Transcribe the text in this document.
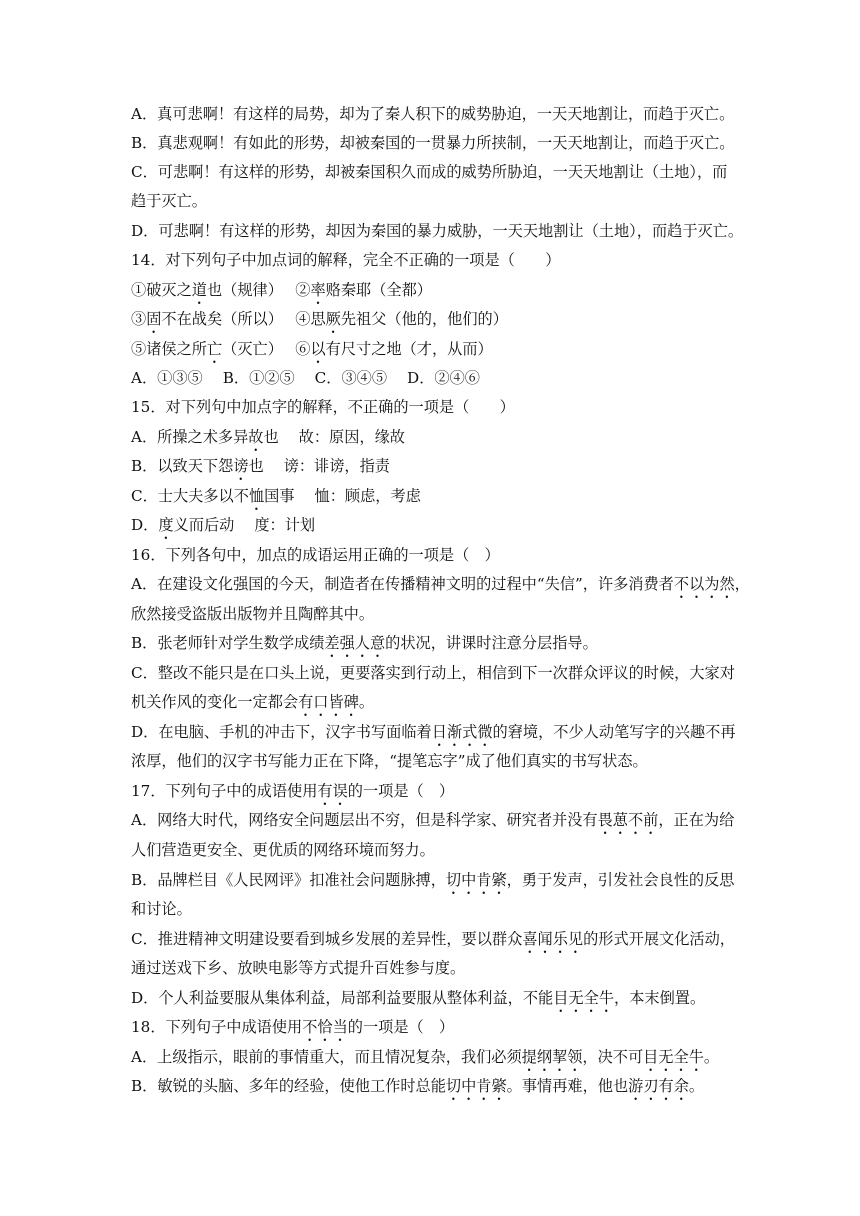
A．真可悲啊！有这样的局势，却为了秦人积下的威势胁迫，一天天地割让，而趋于灭亡。
B．真悲观啊！有如此的形势，却被秦国的一贯暴力所挟制，一天天地割让，而趋于灭亡。
C．可悲啊！有这样的形势，却被秦国积久而成的威势所胁迫，一天天地割让（土地），而
趋于灭亡。
D．可悲啊！有这样的形势，却因为秦国的暴力威胁，一天天地割让（土地），而趋于灭亡。
14．对下列句子中加点词的解释，完全不正确的一项是（　　）
①破灭之道也（规律）　 ②率赂秦耶（全都）
③固不在战矣（所以）　 ④思厥先祖父（他的，他们的）
⑤诸侯之所亡（灭亡）　 ⑥以有尺寸之地（才，从而）
A．①③⑤　 B．①②⑤　 C．③④⑤　 D．②④⑥
15．对下列句中加点字的解释，不正确的一项是（　　）
A．所操之术多异故也　 故：原因，缘故
B．以致天下怨谤也　 谤：诽谤，指责
C．士大夫多以不恤国事　 恤：顾虑，考虑
D．度义而后动　 度：计划
16．下列各句中，加点的成语运用正确的一项是（　）
A．在建设文化强国的今天，制造者在传播精神文明的过程中“失信”，许多消费者不以为然，
欣然接受盗版出版物并且陶醉其中。
B．张老师针对学生数学成绩差强人意的状况，讲课时注意分层指导。
C．整改不能只是在口头上说，更要落实到行动上，相信到下一次群众评议的时候，大家对
机关作风的变化一定都会有口皆碑。
D．在电脑、手机的冲击下，汉字书写面临着日渐式微的窘境，不少人动笔写字的兴趣不再
浓厚，他们的汉字书写能力正在下降，“提笔忘字”成了他们真实的书写状态。
17．下列句子中的成语使用有误的一项是（　）
A．网络大时代，网络安全问题层出不穷，但是科学家、研究者并没有畏葸不前，正在为给
人们营造更安全、更优质的网络环境而努力。
B．品牌栏目《人民网评》扣准社会问题脉搏，切中肯綮，勇于发声，引发社会良性的反思
和讨论。
C．推进精神文明建设要看到城乡发展的差异性，要以群众喜闻乐见的形式开展文化活动，
通过送戏下乡、放映电影等方式提升百姓参与度。
D．个人利益要服从集体利益，局部利益要服从整体利益，不能目无全牛，本末倒置。
18．下列句子中成语使用不恰当的一项是（　）
A．上级指示，眼前的事情重大，而且情况复杂，我们必须提纲挈领，决不可目无全牛。
B．敏锐的头脑、多年的经验，使他工作时总能切中肯綮。事情再难，他也游刃有余。
